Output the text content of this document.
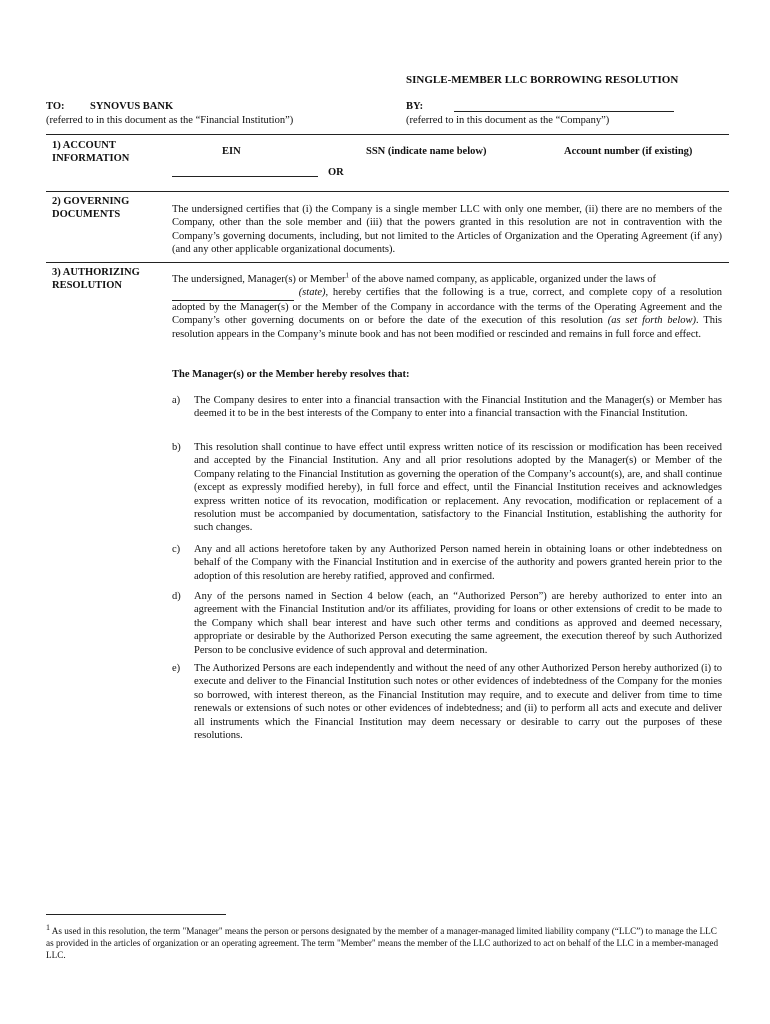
SINGLE-MEMBER LLC BORROWING RESOLUTION
TO: SYNOVUS BANK
(referred to in this document as the “Financial Institution”)
BY:
(referred to in this document as the “Company”)
1) ACCOUNT
INFORMATION
EIN	SSN (indicate name below)	Account number (if existing)
OR
2) GOVERNING
DOCUMENTS	The undersigned certifies that (i) the Company is a single member LLC with only one member, (ii) there are no members of the Company, other than the sole member and (iii) that the powers granted in this resolution are not in contravention with the Company’s governing documents, including, but not limited to the Articles of Organization and the Operating Agreement (if any) (and any other applicable organizational documents).
3) AUTHORIZING
RESOLUTION
The undersigned, Manager(s) or Member$^1$ of the above named company, as applicable, organized under the laws of
(state), hereby certifies that the following is a true, correct, and complete copy of a resolution adopted by the Manager(s) or the Member of the Company in accordance with the terms of the Operating Agreement and the Company’s other governing documents on or before the date of the execution of this resolution (as set forth below). This resolution appears in the Company’s minute book and has not been modified or rescinded and remains in full force and effect.
The Manager(s) or the Member hereby resolves that:
a) The Company desires to enter into a financial transaction with the Financial Institution and the Manager(s) or Member has deemed it to be in the best interests of the Company to enter into a financial transaction with the Financial Institution.
b) This resolution shall continue to have effect until express written notice of its rescission or modification has been received and accepted by the Financial Institution. Any and all prior resolutions adopted by the Manager(s) or Member of the Company relating to the Financial Institution as governing the operation of the Company’s account(s), are, and shall continue (except as expressly modified hereby), in full force and effect, until the Financial Institution receives and acknowledges express written notice of its revocation, modification or replacement. Any revocation, modification or replacement of a resolution must be accompanied by documentation, satisfactory to the Financial Institution, establishing the authority for such changes.
c) Any and all actions heretofore taken by any Authorized Person named herein in obtaining loans or other indebtedness on behalf of the Company with the Financial Institution and in exercise of the authority and powers granted herein prior to the adoption of this resolution are hereby ratified, approved and confirmed.
d) Any of the persons named in Section 4 below (each, an “Authorized Person”) are hereby authorized to enter into an agreement with the Financial Institution and/or its affiliates, providing for loans or other extensions of credit to be made to the Company which shall bear interest and have such other terms and conditions as approved and deemed necessary, appropriate or desirable by the Authorized Person executing the same agreement, the execution thereof by such Authorized Person to be conclusive evidence of such approval and determination.
e) The Authorized Persons are each independently and without the need of any other Authorized Person hereby authorized (i) to execute and deliver to the Financial Institution such notes or other evidences of indebtedness of the Company for the monies so borrowed, with interest thereon, as the Financial Institution may require, and to execute and deliver from time to time renewals or extensions of such notes or other evidences of indebtedness; and (ii) to perform all acts and execute and deliver all instruments which the Financial Institution may deem necessary or desirable to carry out the purposes of these resolutions.
$^1$ As used in this resolution, the term "Manager" means the person or persons designated by the member of a manager-managed limited liability company (“LLC”) to manage the LLC as provided in the articles of organization or an operating agreement. The term "Member" means the member of the LLC authorized to act on behalf of the LLC in a member-managed LLC.
